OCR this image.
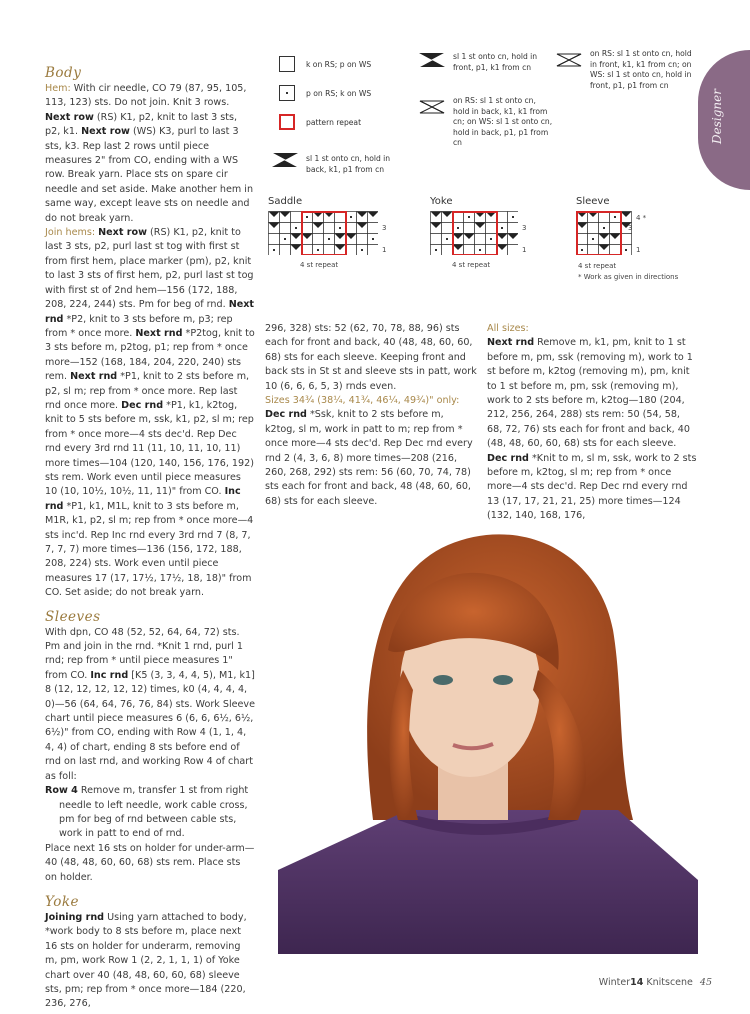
Designer
k on RS; p on WS
p on RS; k on WS
pattern repeat
sl 1 st onto cn, hold in back, k1, p1 from cn
sl 1 st onto cn, hold in front, p1, k1 from cn
on RS: sl 1 st onto cn, hold in back, k1, k1 from cn; on WS: sl 1 st onto cn, hold in back, p1, p1 from cn
on RS: sl 1 st onto cn, hold in front, k1, k1 from cn; on WS: sl 1 st onto cn, hold in front, p1, p1 from cn
Saddle
3
1
4 st repeat
Yoke
3
1
4 st repeat
Sleeve
4 *
3
1
4 st repeat
* Work as given in directions

Body

Hem: With cir needle, CO 79 (87, 95, 105, 113, 123) sts. Do not join. Knit 3 rows. Next row (RS) K1, p2, knit to last 3 sts, p2, k1. Next row (WS) K3, purl to last 3 sts, k3. Rep last 2 rows until piece measures 2" from CO, ending with a WS row. Break yarn. Place sts on spare cir needle and set aside. Make another hem in same way, except leave sts on needle and do not break yarn.

Join hems: Next row (RS) K1, p2, knit to last 3 sts, p2, purl last st tog with first st from first hem, place marker (pm), p2, knit to last 3 sts of first hem, p2, purl last st tog with first st of 2nd hem—156 (172, 188, 208, 224, 244) sts. Pm for beg of rnd. Next rnd *P2, knit to 3 sts before m, p3; rep from * once more. Next rnd *P2tog, knit to 3 sts before m, p2tog, p1; rep from * once more—152 (168, 184, 204, 220, 240) sts rem. Next rnd *P1, knit to 2 sts before m, p2, sl m; rep from * once more. Rep last rnd once more. Dec rnd *P1, k1, k2tog, knit to 5 sts before m, ssk, k1, p2, sl m; rep from * once more—4 sts dec'd. Rep Dec rnd every 3rd rnd 11 (11, 10, 11, 10, 11) more times—104 (120, 140, 156, 176, 192) sts rem. Work even until piece measures 10 (10, 10½, 10½, 11, 11)" from CO. Inc rnd *P1, k1, M1L, knit to 3 sts before m, M1R, k1, p2, sl m; rep from * once more—4 sts inc'd. Rep Inc rnd every 3rd rnd 7 (8, 7, 7, 7, 7) more times—136 (156, 172, 188, 208, 224) sts. Work even until piece measures 17 (17, 17½, 17½, 18, 18)" from CO. Set aside; do not break yarn.

Sleeves

With dpn, CO 48 (52, 52, 64, 64, 72) sts. Pm and join in the rnd. *Knit 1 rnd, purl 1 rnd; rep from * until piece measures 1" from CO. Inc rnd [K5 (3, 3, 4, 4, 5), M1, k1] 8 (12, 12, 12, 12, 12) times, k0 (4, 4, 4, 4, 0)—56 (64, 64, 76, 76, 84) sts. Work Sleeve chart until piece measures 6 (6, 6, 6½, 6½, 6½)" from CO, ending with Row 4 (1, 1, 4, 4, 4) of chart, ending 8 sts before end of rnd on last rnd, and working Row 4 of chart as foll:

Row 4 Remove m, transfer 1 st from right needle to left needle, work cable cross, pm for beg of rnd between cable sts, work in patt to end of rnd.

Place next 16 sts on holder for under-arm—40 (48, 48, 60, 60, 68) sts rem. Place sts on holder.

Yoke

Joining rnd Using yarn attached to body, *work body to 8 sts before m, place next 16 sts on holder for underarm, removing m, pm, work Row 1 (2, 2, 1, 1, 1) of Yoke chart over 40 (48, 48, 60, 60, 68) sleeve sts, pm; rep from * once more—184 (220, 236, 276,

296, 328) sts: 52 (62, 70, 78, 88, 96) sts each for front and back, 40 (48, 48, 60, 60, 68) sts for each sleeve. Keeping front and back sts in St st and sleeve sts in patt, work 10 (6, 6, 6, 5, 3) rnds even.

Sizes 34¾ (38¼, 41¾, 46¼, 49¾)" only:

Dec rnd *Ssk, knit to 2 sts before m, k2tog, sl m, work in patt to m; rep from * once more—4 sts dec'd. Rep Dec rnd every rnd 2 (4, 3, 6, 8) more times—208 (216, 260, 268, 292) sts rem: 56 (60, 70, 74, 78) sts each for front and back, 48 (48, 60, 60, 68) sts for each sleeve.

All sizes:

Next rnd Remove m, k1, pm, knit to 1 st before m, pm, ssk (removing m), work to 1 st before m, k2tog (removing m), pm, knit to 1 st before m, pm, ssk (removing m), work to 2 sts before m, k2tog—180 (204, 212, 256, 264, 288) sts rem: 50 (54, 58, 68, 72, 76) sts each for front and back, 40 (48, 48, 60, 60, 68) sts for each sleeve.

Dec rnd *Knit to m, sl m, ssk, work to 2 sts before m, k2tog, sl m; rep from * once more—4 sts dec'd. Rep Dec rnd every rnd 13 (17, 17, 21, 21, 25) more times—124 (132, 140, 168, 176,

Winter14 Knitscene 45
